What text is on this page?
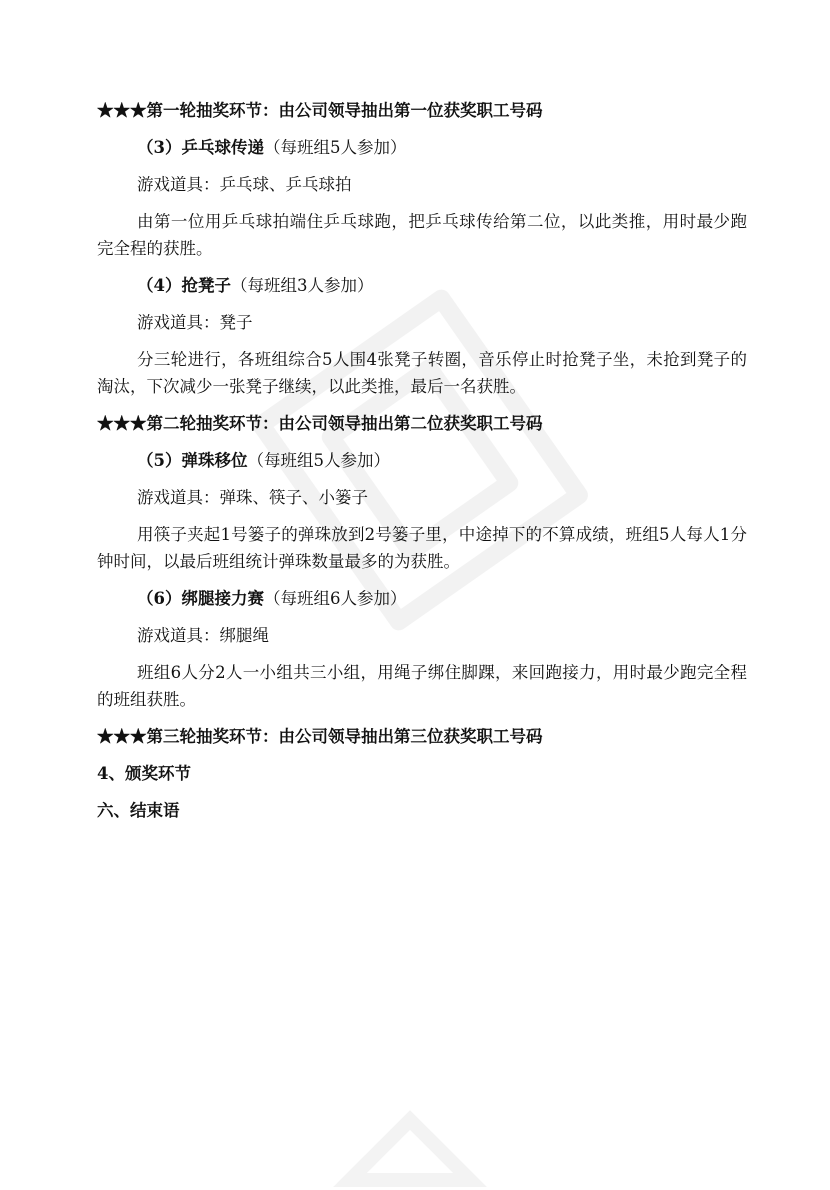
★★★第一轮抽奖环节：由公司领导抽出第一位获奖职工号码
（3）乒乓球传递（每班组5人参加）
游戏道具：乒乓球、乒乓球拍
由第一位用乒乓球拍端住乒乓球跑，把乒乓球传给第二位，以此类推，用时最少跑完全程的获胜。
（4）抢凳子（每班组3人参加）
游戏道具：凳子
分三轮进行，各班组综合5人围4张凳子转圈，音乐停止时抢凳子坐，未抢到凳子的淘汰，下次减少一张凳子继续，以此类推，最后一名获胜。
★★★第二轮抽奖环节：由公司领导抽出第二位获奖职工号码
（5）弹珠移位（每班组5人参加）
游戏道具：弹珠、筷子、小篓子
用筷子夹起1号篓子的弹珠放到2号篓子里，中途掉下的不算成绩，班组5人每人1分钟时间，以最后班组统计弹珠数量最多的为获胜。
（6）绑腿接力赛（每班组6人参加）
游戏道具：绑腿绳
班组6人分2人一小组共三小组，用绳子绑住脚踝，来回跑接力，用时最少跑完全程的班组获胜。
★★★第三轮抽奖环节：由公司领导抽出第三位获奖职工号码
4、颁奖环节
六、结束语
